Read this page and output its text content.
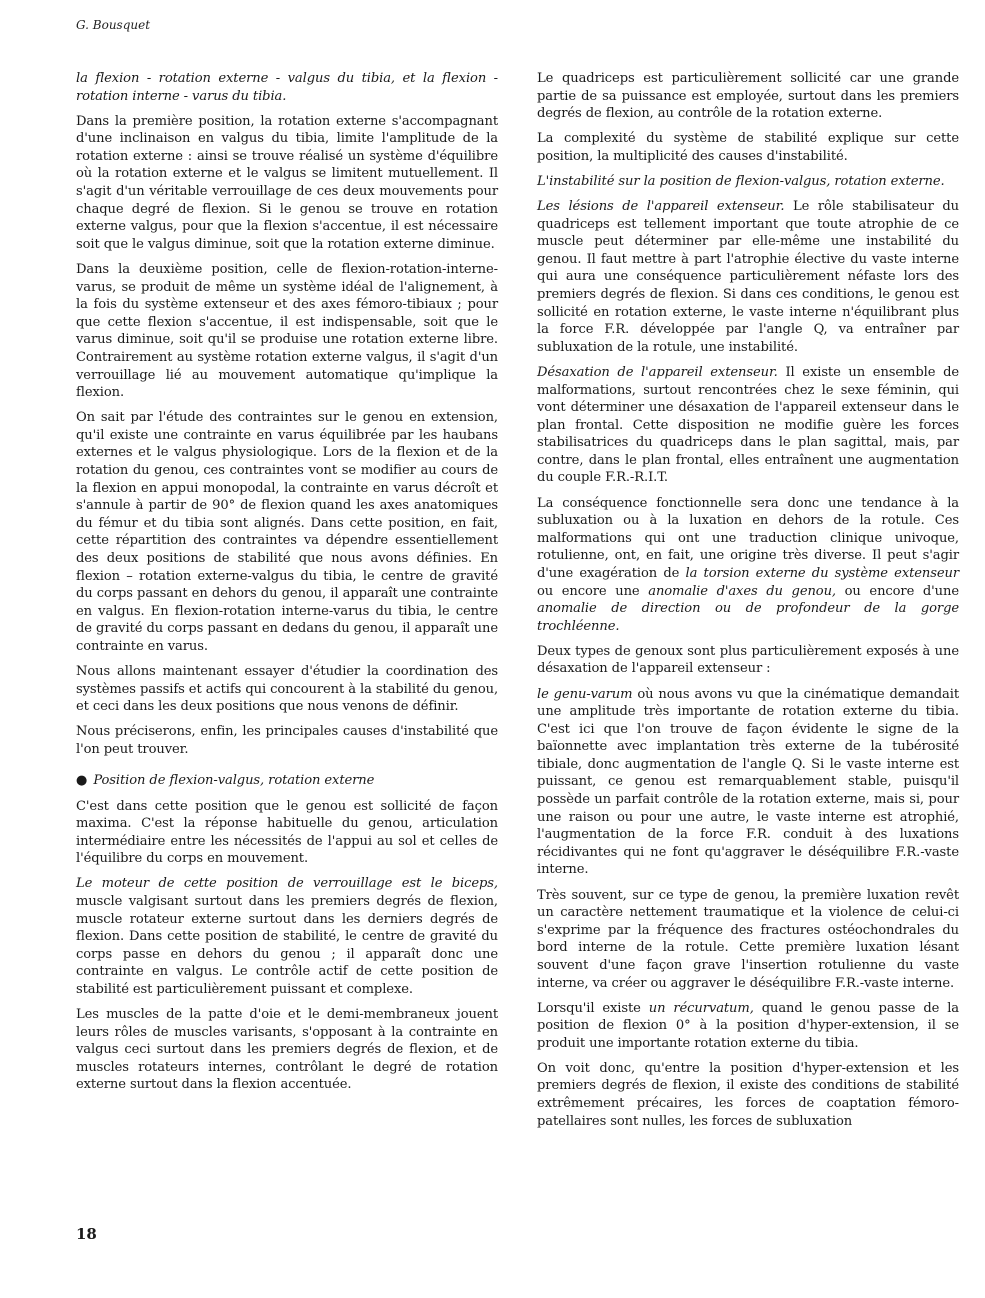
G. Bousquet

la flexion - rotation externe - valgus du tibia, et la flexion - rotation interne - varus du tibia.

Dans la première position, la rotation externe s'accompagnant d'une inclinaison en valgus du tibia, limite l'amplitude de la rotation externe : ainsi se trouve réalisé un système d'équilibre où la rotation externe et le valgus se limitent mutuellement. Il s'agit d'un véritable verrouillage de ces deux mouvements pour chaque degré de flexion. Si le genou se trouve en rotation externe valgus, pour que la flexion s'accentue, il est nécessaire soit que le valgus diminue, soit que la rotation externe diminue.

Dans la deuxième position, celle de flexion-rotation-interne-varus, se produit de même un système idéal de l'alignement, à la fois du système extenseur et des axes fémoro-tibiaux ; pour que cette flexion s'accentue, il est indispensable, soit que le varus diminue, soit qu'il se produise une rotation externe libre. Contrairement au système rotation externe valgus, il s'agit d'un verrouillage lié au mouvement automatique qu'implique la flexion.

On sait par l'étude des contraintes sur le genou en extension, qu'il existe une contrainte en varus équilibrée par les haubans externes et le valgus physiologique. Lors de la flexion et de la rotation du genou, ces contraintes vont se modifier au cours de la flexion en appui monopodal, la contrainte en varus décroît et s'annule à partir de 90° de flexion quand les axes anatomiques du fémur et du tibia sont alignés. Dans cette position, en fait, cette répartition des contraintes va dépendre essentiellement des deux positions de stabilité que nous avons définies. En flexion – rotation externe-valgus du tibia, le centre de gravité du corps passant en dehors du genou, il apparaît une contrainte en valgus. En flexion-rotation interne-varus du tibia, le centre de gravité du corps passant en dedans du genou, il apparaît une contrainte en varus.

Nous allons maintenant essayer d'étudier la coordination des systèmes passifs et actifs qui concourent à la stabilité du genou, et ceci dans les deux positions que nous venons de définir.

Nous préciserons, enfin, les principales causes d'instabilité que l'on peut trouver.

● Position de flexion-valgus, rotation externe

C'est dans cette position que le genou est sollicité de façon maxima. C'est la réponse habituelle du genou, articulation intermédiaire entre les nécessités de l'appui au sol et celles de l'équilibre du corps en mouvement.

Le moteur de cette position de verrouillage est le biceps, muscle valgisant surtout dans les premiers degrés de flexion, muscle rotateur externe surtout dans les derniers degrés de flexion. Dans cette position de stabilité, le centre de gravité du corps passe en dehors du genou ; il apparaît donc une contrainte en valgus. Le contrôle actif de cette position de stabilité est particulièrement puissant et complexe.

Les muscles de la patte d'oie et le demi-membraneux jouent leurs rôles de muscles varisants, s'opposant à la contrainte en valgus ceci surtout dans les premiers degrés de flexion, et de muscles rotateurs internes, contrôlant le degré de rotation externe surtout dans la flexion accentuée.

Le quadriceps est particulièrement sollicité car une grande partie de sa puissance est employée, surtout dans les premiers degrés de flexion, au contrôle de la rotation externe.

La complexité du système de stabilité explique sur cette position, la multiplicité des causes d'instabilité.

L'instabilité sur la position de flexion-valgus, rotation externe.

Les lésions de l'appareil extenseur. Le rôle stabilisateur du quadriceps est tellement important que toute atrophie de ce muscle peut déterminer par elle-même une instabilité du genou. Il faut mettre à part l'atrophie élective du vaste interne qui aura une conséquence particulièrement néfaste lors des premiers degrés de flexion. Si dans ces conditions, le genou est sollicité en rotation externe, le vaste interne n'équilibrant plus la force F.R. développée par l'angle Q, va entraîner par subluxation de la rotule, une instabilité.

Désaxation de l'appareil extenseur. Il existe un ensemble de malformations, surtout rencontrées chez le sexe féminin, qui vont déterminer une désaxation de l'appareil extenseur dans le plan frontal. Cette disposition ne modifie guère les forces stabilisatrices du quadriceps dans le plan sagittal, mais, par contre, dans le plan frontal, elles entraînent une augmentation du couple F.R.-R.I.T.

La conséquence fonctionnelle sera donc une tendance à la subluxation ou à la luxation en dehors de la rotule. Ces malformations qui ont une traduction clinique univoque, rotulienne, ont, en fait, une origine très diverse. Il peut s'agir d'une exagération de la torsion externe du système extenseur ou encore une anomalie d'axes du genou, ou encore d'une anomalie de direction ou de profondeur de la gorge trochléenne.

Deux types de genoux sont plus particulièrement exposés à une désaxation de l'appareil extenseur :

le genu-varum où nous avons vu que la cinématique demandait une amplitude très importante de rotation externe du tibia. C'est ici que l'on trouve de façon évidente le signe de la baïonnette avec implantation très externe de la tubérosité tibiale, donc augmentation de l'angle Q. Si le vaste interne est puissant, ce genou est remarquablement stable, puisqu'il possède un parfait contrôle de la rotation externe, mais si, pour une raison ou pour une autre, le vaste interne est atrophié, l'augmentation de la force F.R. conduit à des luxations récidivantes qui ne font qu'aggraver le déséquilibre F.R.-vaste interne.

Très souvent, sur ce type de genou, la première luxation revêt un caractère nettement traumatique et la violence de celui-ci s'exprime par la fréquence des fractures ostéochondrales du bord interne de la rotule. Cette première luxation lésant souvent d'une façon grave l'insertion rotulienne du vaste interne, va créer ou aggraver le déséquilibre F.R.-vaste interne.

Lorsqu'il existe un récurvatum, quand le genou passe de la position de flexion 0° à la position d'hyper-extension, il se produit une importante rotation externe du tibia.

On voit donc, qu'entre la position d'hyper-extension et les premiers degrés de flexion, il existe des conditions de stabilité extrêmement précaires, les forces de coaptation fémoro-patellaires sont nulles, les forces de subluxation

18
